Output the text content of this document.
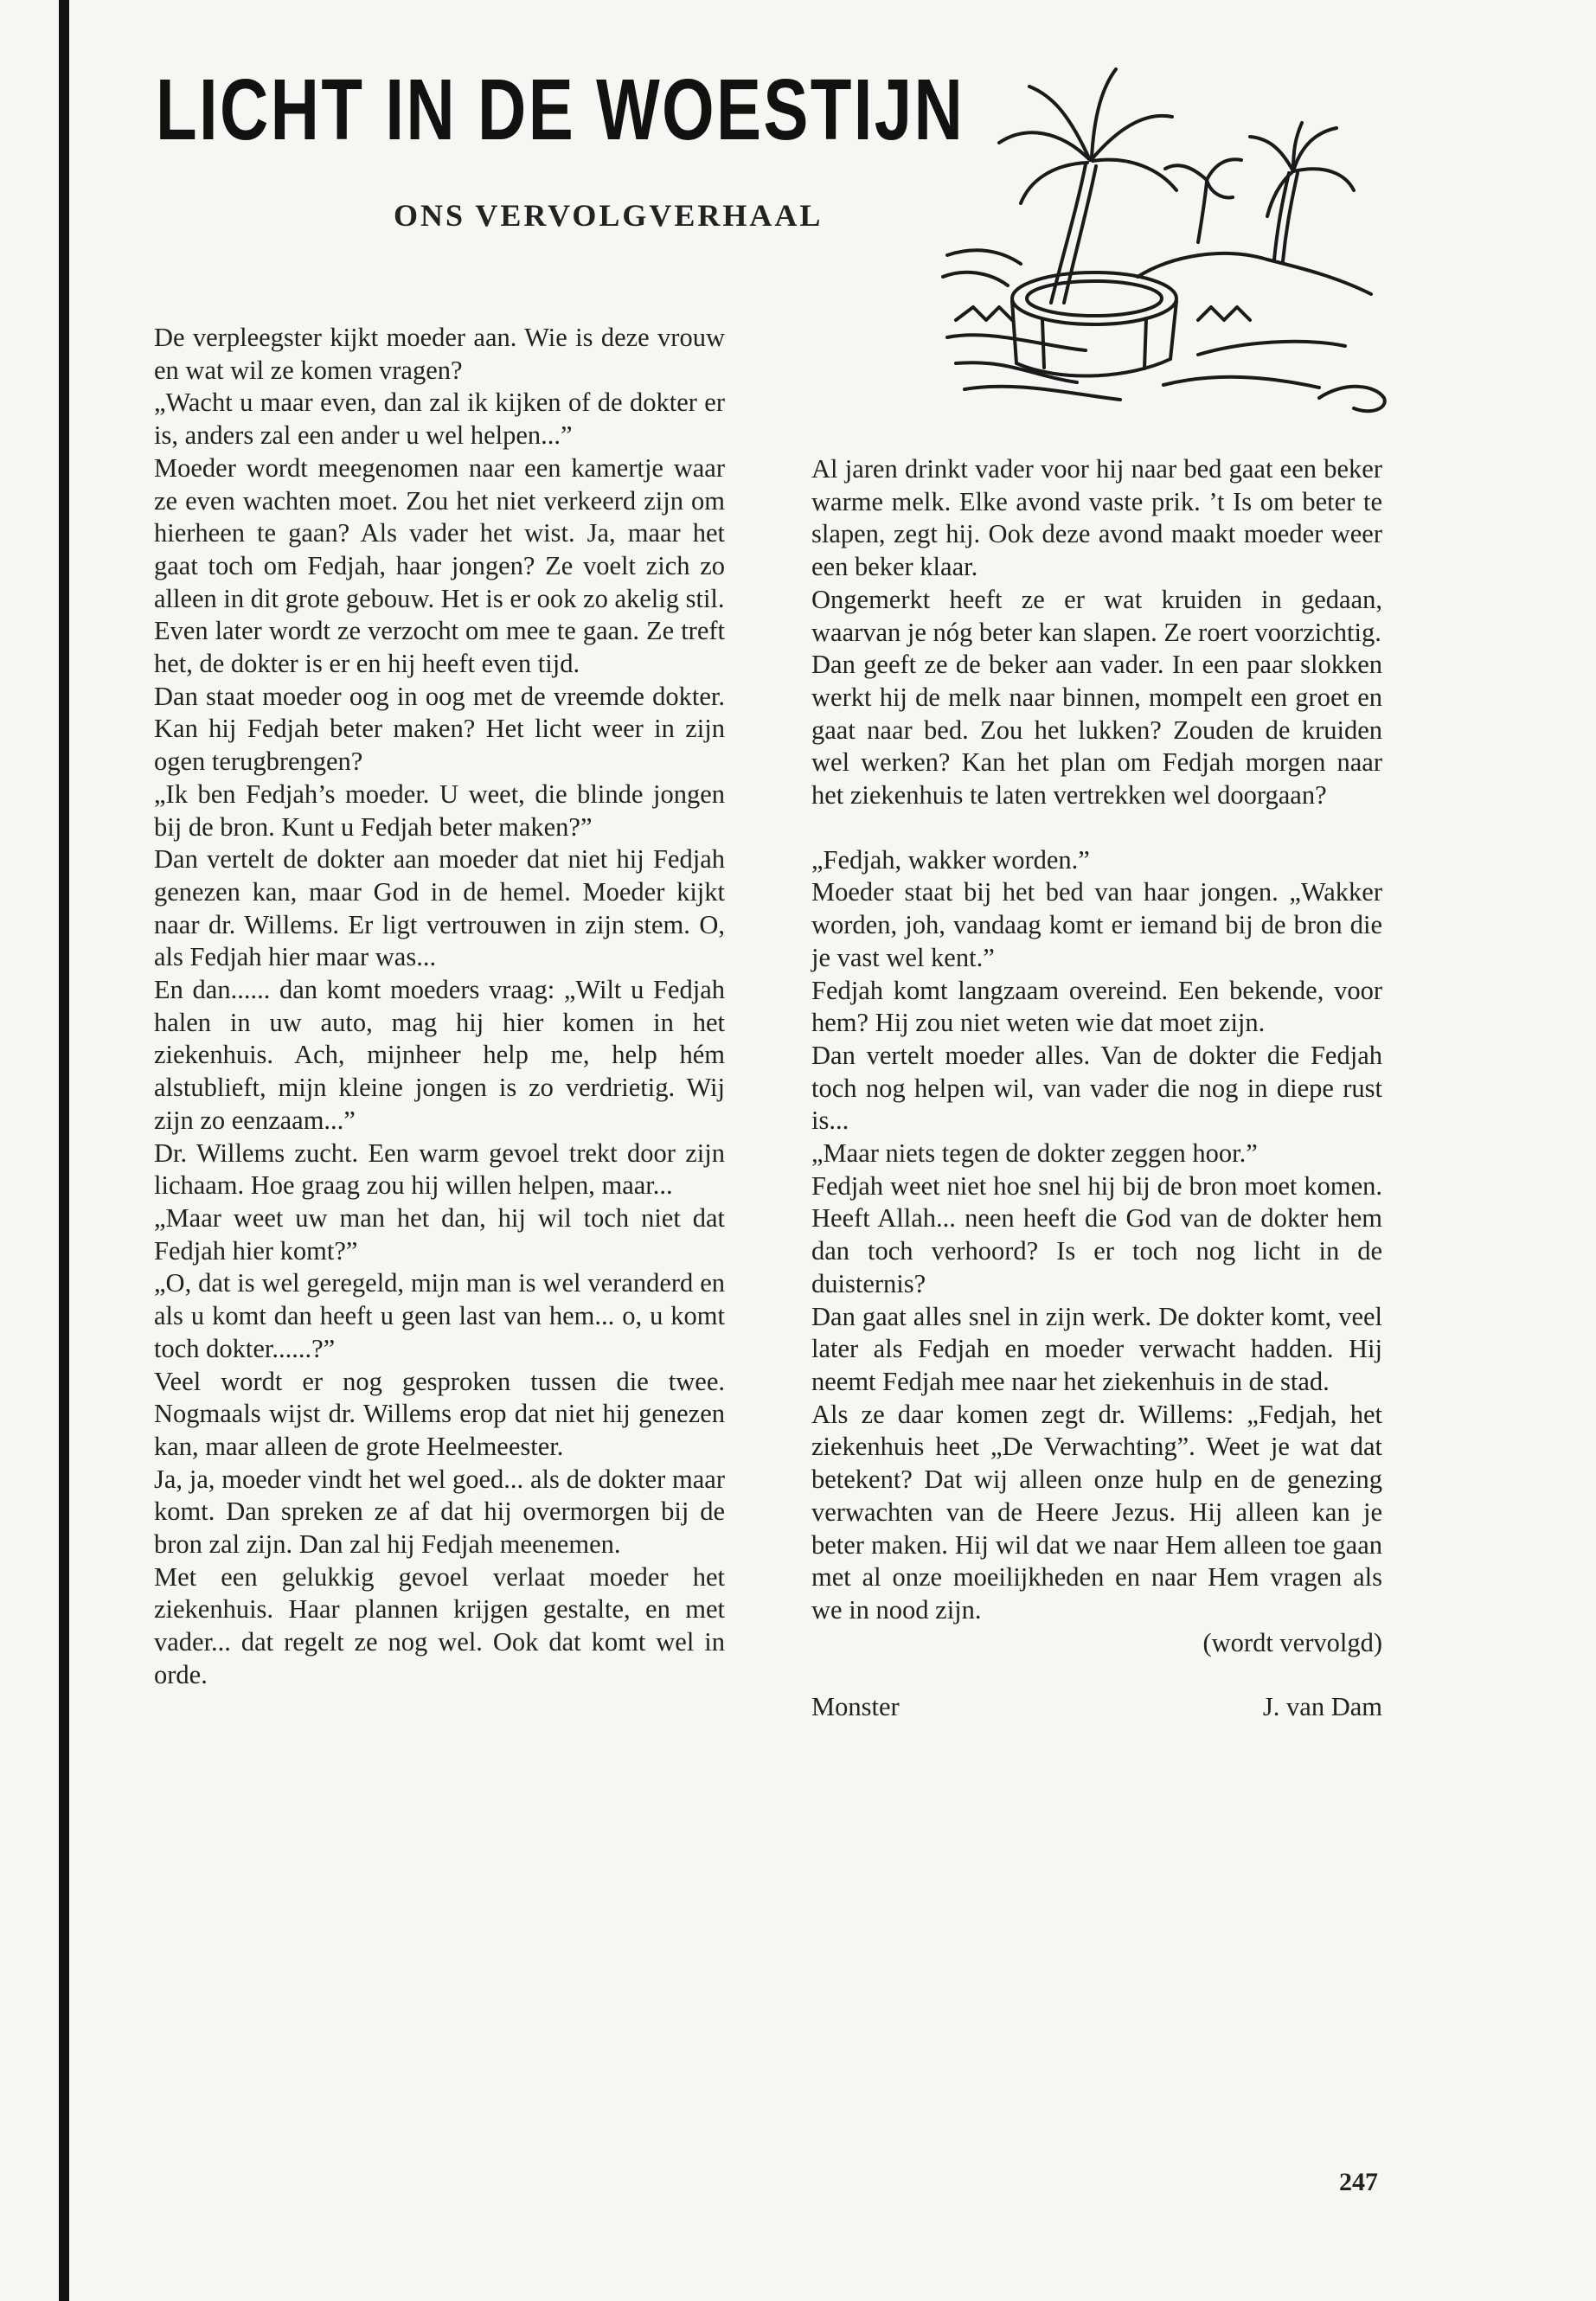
LICHT IN DE WOESTIJN
ONS VERVOLGVERHAAL

De verpleegster kijkt moeder aan. Wie is deze vrouw en wat wil ze komen vragen?

„Wacht u maar even, dan zal ik kijken of de dokter er is, anders zal een ander u wel helpen...”

Moeder wordt meegenomen naar een kamertje waar ze even wachten moet. Zou het niet verkeerd zijn om hierheen te gaan? Als vader het wist. Ja, maar het gaat toch om Fedjah, haar jongen? Ze voelt zich zo alleen in dit grote gebouw. Het is er ook zo akelig stil.

Even later wordt ze verzocht om mee te gaan. Ze treft het, de dokter is er en hij heeft even tijd.

Dan staat moeder oog in oog met de vreemde dokter. Kan hij Fedjah beter maken? Het licht weer in zijn ogen terugbrengen?

„Ik ben Fedjah’s moeder. U weet, die blinde jongen bij de bron. Kunt u Fedjah beter maken?”

Dan vertelt de dokter aan moeder dat niet hij Fedjah genezen kan, maar God in de hemel. Moeder kijkt naar dr. Willems. Er ligt vertrouwen in zijn stem. O, als Fedjah hier maar was...

En dan...... dan komt moeders vraag: „Wilt u Fedjah halen in uw auto, mag hij hier komen in het ziekenhuis. Ach, mijnheer help me, help hém alstublieft, mijn kleine jongen is zo verdrietig. Wij zijn zo eenzaam...”

Dr. Willems zucht. Een warm gevoel trekt door zijn lichaam. Hoe graag zou hij willen helpen, maar...

„Maar weet uw man het dan, hij wil toch niet dat Fedjah hier komt?”

„O, dat is wel geregeld, mijn man is wel veranderd en als u komt dan heeft u geen last van hem... o, u komt toch dokter......?”

Veel wordt er nog gesproken tussen die twee. Nogmaals wijst dr. Willems erop dat niet hij genezen kan, maar alleen de grote Heelmeester.

Ja, ja, moeder vindt het wel goed... als de dokter maar komt. Dan spreken ze af dat hij overmorgen bij de bron zal zijn. Dan zal hij Fedjah meenemen.

Met een gelukkig gevoel verlaat moeder het ziekenhuis. Haar plannen krijgen gestalte, en met vader... dat regelt ze nog wel. Ook dat komt wel in orde.

Al jaren drinkt vader voor hij naar bed gaat een beker warme melk. Elke avond vaste prik. ’t Is om beter te slapen, zegt hij. Ook deze avond maakt moeder weer een beker klaar.

Ongemerkt heeft ze er wat kruiden in gedaan, waarvan je nóg beter kan slapen. Ze roert voorzichtig.

Dan geeft ze de beker aan vader. In een paar slokken werkt hij de melk naar binnen, mompelt een groet en gaat naar bed. Zou het lukken? Zouden de kruiden wel werken? Kan het plan om Fedjah morgen naar het ziekenhuis te laten vertrekken wel doorgaan?

„Fedjah, wakker worden.”

Moeder staat bij het bed van haar jongen. „Wakker worden, joh, vandaag komt er iemand bij de bron die je vast wel kent.”

Fedjah komt langzaam overeind. Een bekende, voor hem? Hij zou niet weten wie dat moet zijn.

Dan vertelt moeder alles. Van de dokter die Fedjah toch nog helpen wil, van vader die nog in diepe rust is...

„Maar niets tegen de dokter zeggen hoor.”

Fedjah weet niet hoe snel hij bij de bron moet komen. Heeft Allah... neen heeft die God van de dokter hem dan toch verhoord? Is er toch nog licht in de duisternis?

Dan gaat alles snel in zijn werk. De dokter komt, veel later als Fedjah en moeder verwacht hadden. Hij neemt Fedjah mee naar het ziekenhuis in de stad.

Als ze daar komen zegt dr. Willems: „Fedjah, het ziekenhuis heet „De Verwachting”. Weet je wat dat betekent? Dat wij alleen onze hulp en de genezing verwachten van de Heere Jezus. Hij alleen kan je beter maken. Hij wil dat we naar Hem alleen toe gaan met al onze moeilijkheden en naar Hem vragen als we in nood zijn.

(wordt vervolgd)

Monster	J. van Dam

247
